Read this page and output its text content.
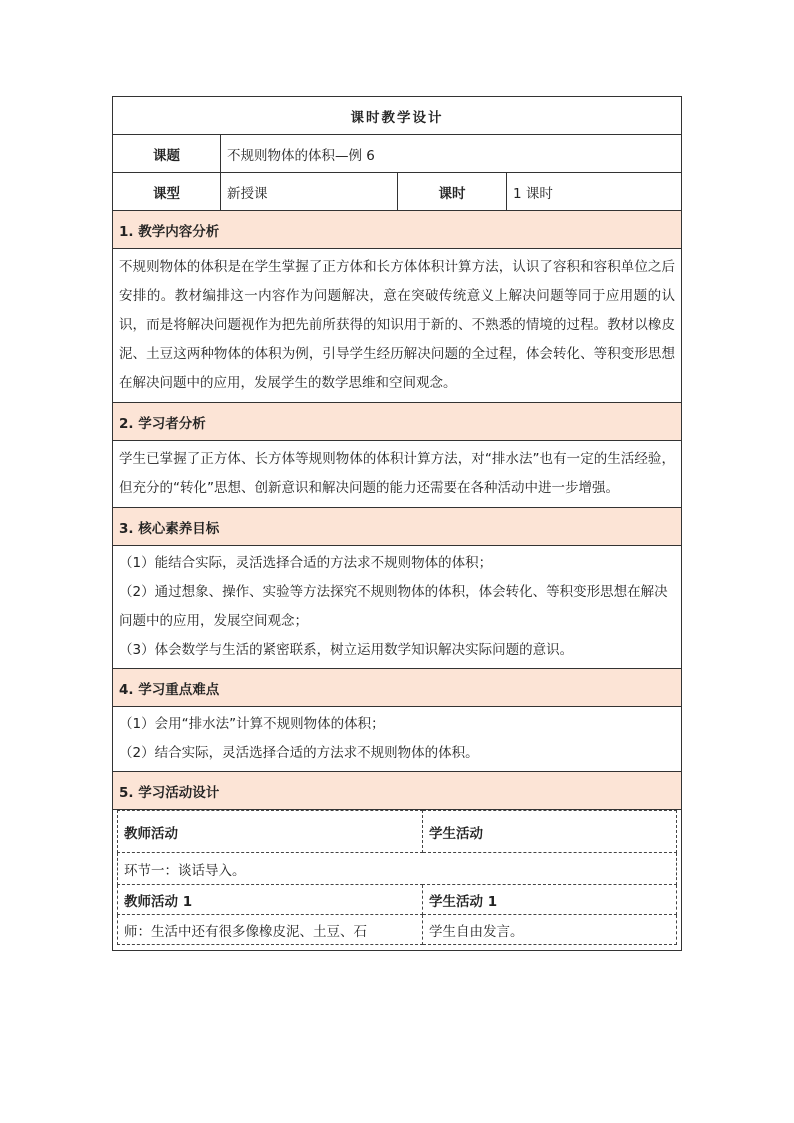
课时教学设计
课题	不规则物体的体积—例 6
课型	新授课	课时	1 课时
1. 教学内容分析
不规则物体的体积是在学生掌握了正方体和长方体体积计算方法，认识了容积和容积单位之后安排的。教材编排这一内容作为问题解决，意在突破传统意义上解决问题等同于应用题的认识，而是将解决问题视作为把先前所获得的知识用于新的、不熟悉的情境的过程。教材以橡皮泥、土豆这两种物体的体积为例，引导学生经历解决问题的全过程，体会转化、等积变形思想在解决问题中的应用，发展学生的数学思维和空间观念。
2. 学习者分析
学生已掌握了正方体、长方体等规则物体的体积计算方法，对“排水法”也有一定的生活经验，但充分的“转化”思想、创新意识和解决问题的能力还需要在各种活动中进一步增强。
3. 核心素养目标

（1）能结合实际，灵活选择合适的方法求不规则物体的体积；

（2）通过想象、操作、实验等方法探究不规则物体的体积，体会转化、等积变形思想在解决问题中的应用，发展空间观念；

（3）体会数学与生活的紧密联系，树立运用数学知识解决实际问题的意识。

4. 学习重点难点

（1）会用“排水法”计算不规则物体的体积；

（2）结合实际，灵活选择合适的方法求不规则物体的体积。

5. 学习活动设计

教师活动	学生活动
环节一：谈话导入。
教师活动 1	学生活动 1
师：生活中还有很多像橡皮泥、土豆、石	学生自由发言。
